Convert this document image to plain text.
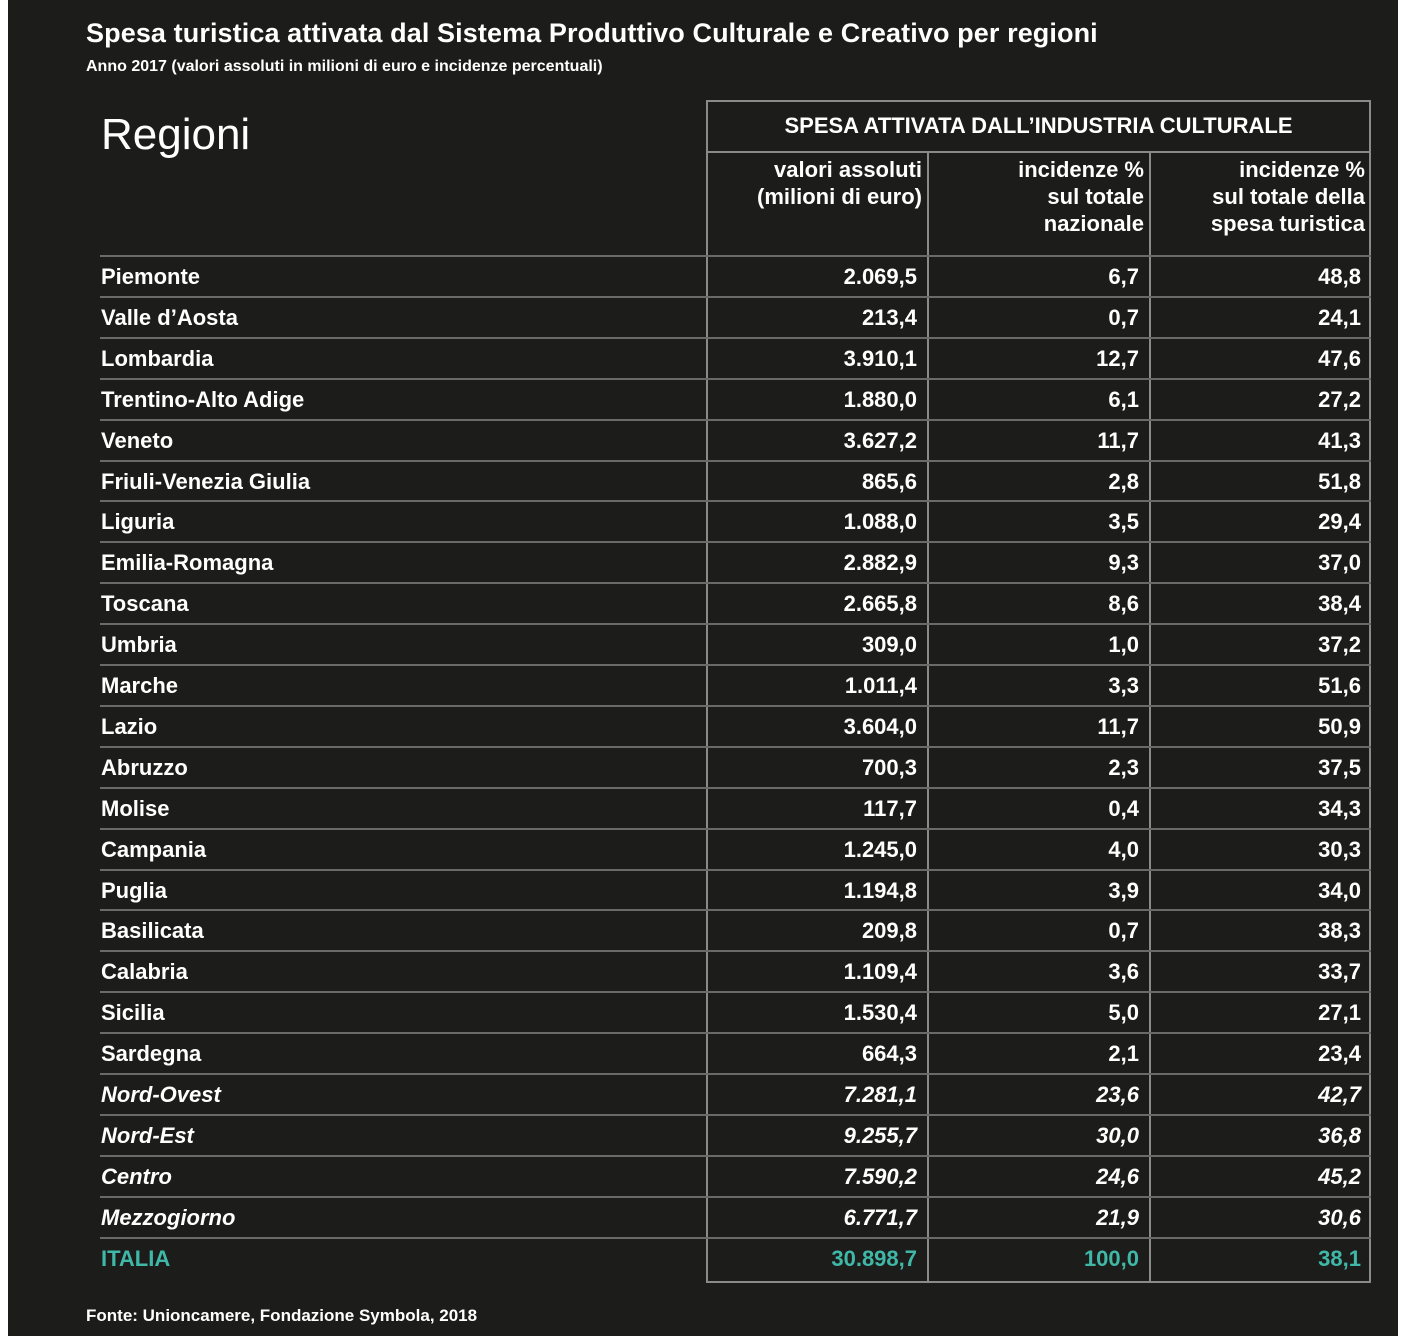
Spesa turistica attivata dal Sistema Produttivo Culturale e Creativo per regioni
Anno 2017 (valori assoluti in milioni di euro e incidenze percentuali)
Regioni	SPESA ATTIVATA DALL’INDUSTRIA CULTURALE
valori assoluti
(milioni di euro)
incidenze %
sul totale
nazionale
incidenze %
sul totale della
spesa turistica
Piemonte	2.069,5	6,7	48,8
Valle d’Aosta	213,4	0,7	24,1
Lombardia	3.910,1	12,7	47,6
Trentino-Alto Adige	1.880,0	6,1	27,2
Veneto	3.627,2	11,7	41,3
Friuli-Venezia Giulia	865,6	2,8	51,8
Liguria	1.088,0	3,5	29,4
Emilia-Romagna	2.882,9	9,3	37,0
Toscana	2.665,8	8,6	38,4
Umbria	309,0	1,0	37,2
Marche	1.011,4	3,3	51,6
Lazio	3.604,0	11,7	50,9
Abruzzo	700,3	2,3	37,5
Molise	117,7	0,4	34,3
Campania	1.245,0	4,0	30,3
Puglia	1.194,8	3,9	34,0
Basilicata	209,8	0,7	38,3
Calabria	1.109,4	3,6	33,7
Sicilia	1.530,4	5,0	27,1
Sardegna	664,3	2,1	23,4
Nord-Ovest	7.281,1	23,6	42,7
Nord-Est	9.255,7	30,0	36,8
Centro	7.590,2	24,6	45,2
Mezzogiorno	6.771,7	21,9	30,6
ITALIA	30.898,7	100,0	38,1
Fonte: Unioncamere, Fondazione Symbola, 2018
